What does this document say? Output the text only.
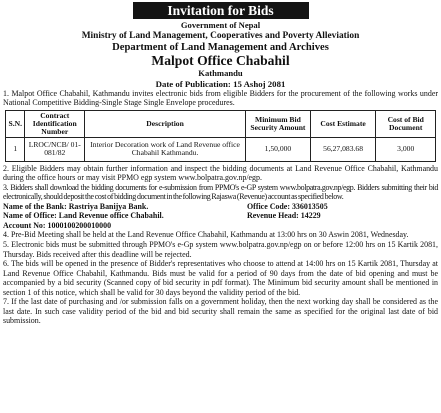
Invitation for Bids
Government of Nepal
Ministry of Land Management, Cooperatives and Poverty Alleviation
Department of Land Management and Archives
Malpot Office Chabahil
Kathmandu
Date of Publication: 15 Ashoj 2081
1. Malpot Office Chabahil, Kathmandu invites electronic bids from eligible Bidders for the procurement of the following works under National Competitive Bidding-Single Stage Single Envelope procedures.
S.N.	Contract Identification Number	Description	Minimum Bid Security Amount	Cost Estimate	Cost of Bid Document
1	LROC/NCB/ 01-081/82	Interior Decoration work of Land Revenue office Chabahil Kathmandu.	1,50,000	56,27,083.68	3,000
2. Eligible Bidders may obtain further information and inspect the bidding documents at Land Revenue Office Chabahil, Kathmandu during the office hours or may visit PPMO egp system www.bolpatra.gov.np/egp.
3. Bidders shall download the bidding documents for e-submission from PPMO's e-GP system www.bolpatra.gov.np/egp. Bidders submitting their bid electronically, should deposit the cost of bidding document in the following Rajaswa (Revenue) account as specified below.
Name of the Bank: Rastriya Banijya Bank.	Office Code: 336013505
Name of Office: Land Revenue office Chabahil.	Revenue Head: 14229
Account No: 1000100200010000
4. Pre-Bid Meeting shall be held at the Land Revenue Office Chabahil, Kathmandu at 13:00 hrs on 30 Aswin 2081, Wednesday.
5. Electronic bids must be submitted through PPMO's e-Gp system www.bolpatra.gov.np/egp on or before 12:00 hrs on 15 Kartik 2081, Thursday. Bids received after this deadline will be rejected.
6. The bids will be opened in the presence of Bidder's representatives who choose to attend at 14:00 hrs on 15 Kartik 2081, Thursday at Land Revenue Office Chabahil, Kathmandu. Bids must be valid for a period of 90 days from the date of bid opening and must be accompanied by a bid security (Scanned copy of bid security in pdf format). The Minimum bid security amount shall be mentioned in section 1 of this notice, which shall be valid for 30 days beyond the validity period of the bid.
7. If the last date of purchasing and /or submission falls on a government holiday, then the next working day shall be considered as the last date. In such case validity period of the bid and bid security shall remain the same as specified for the original last date of bid submission.
